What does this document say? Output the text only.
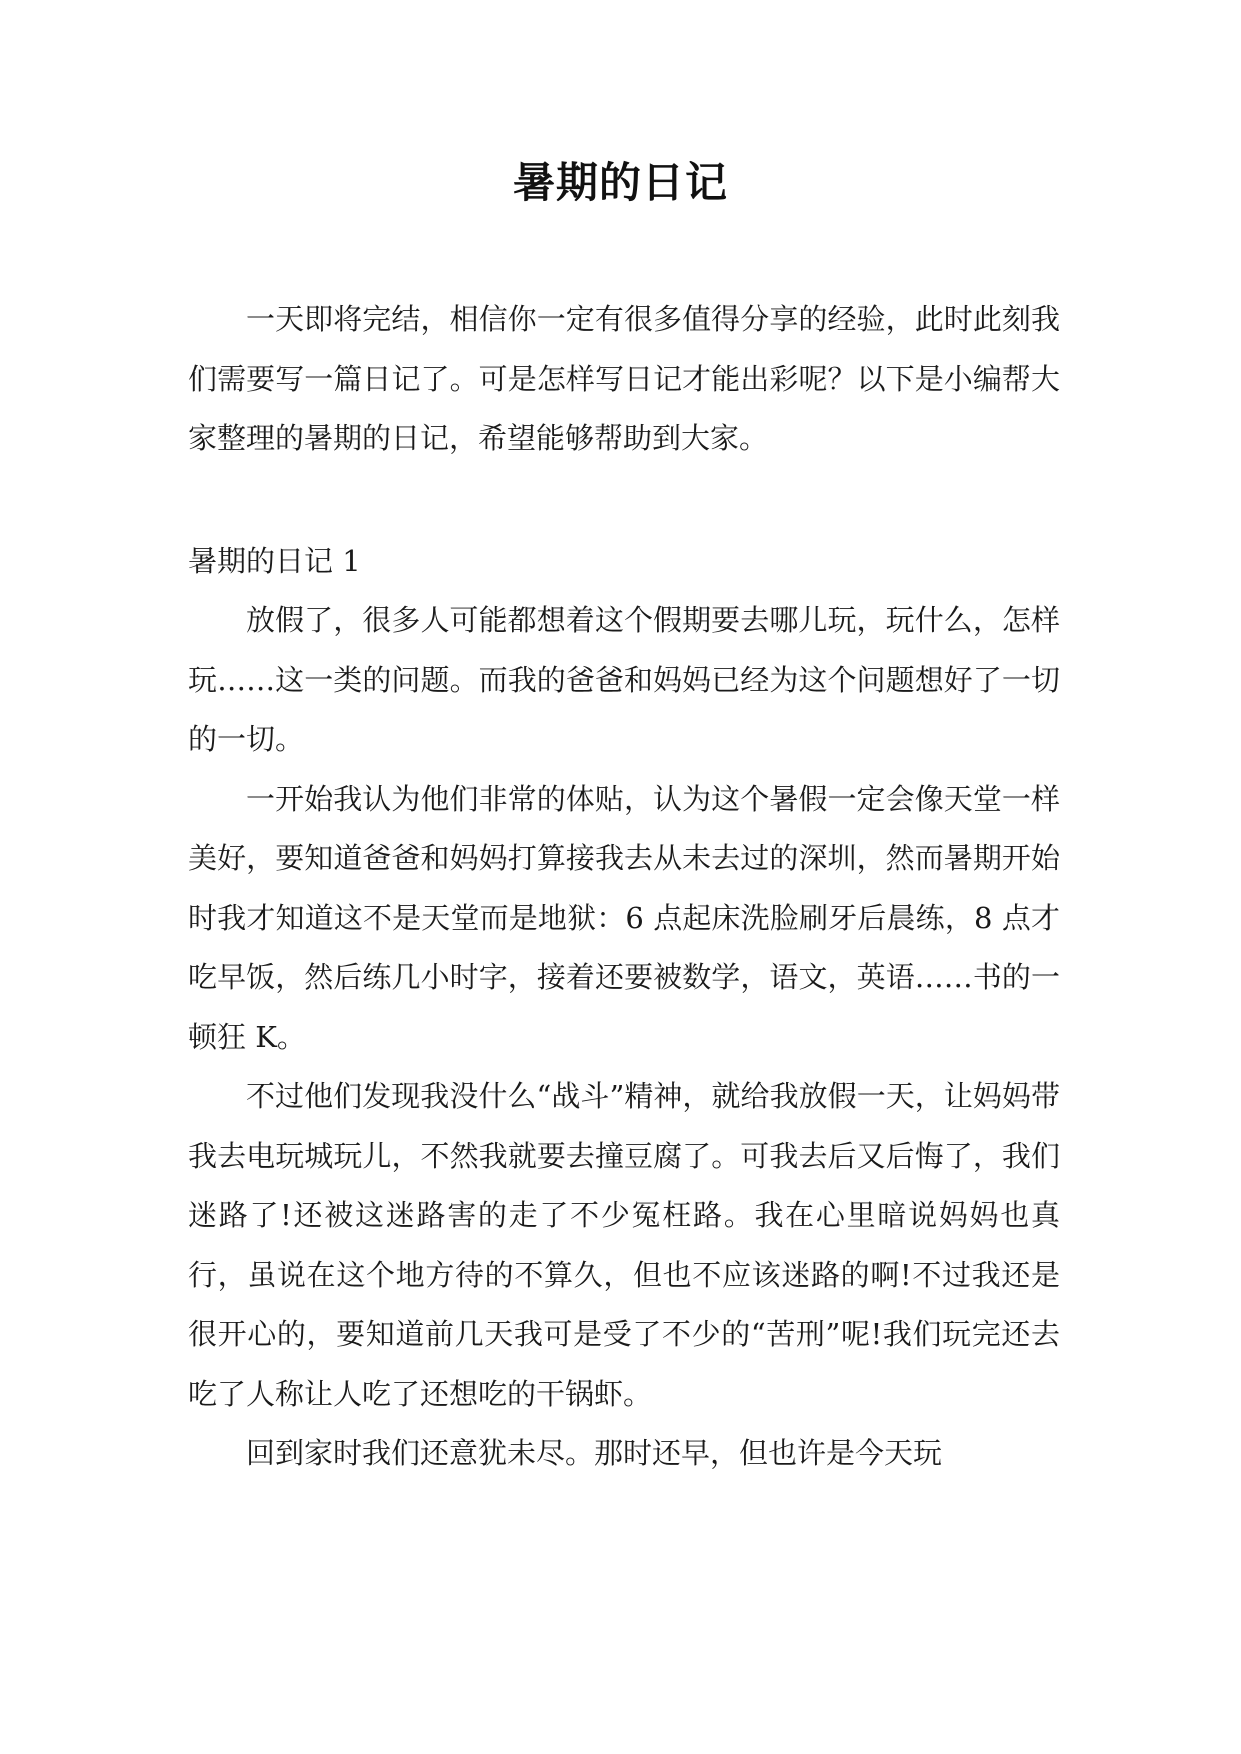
暑期的日记

一天即将完结，相信你一定有很多值得分享的经验，此时此刻我们需要写一篇日记了。可是怎样写日记才能出彩呢？以下是小编帮大家整理的暑期的日记，希望能够帮助到大家。

暑期的日记 1

放假了，很多人可能都想着这个假期要去哪儿玩，玩什么，怎样玩……这一类的问题。而我的爸爸和妈妈已经为这个问题想好了一切的一切。

一开始我认为他们非常的体贴，认为这个暑假一定会像天堂一样美好，要知道爸爸和妈妈打算接我去从未去过的深圳，然而暑期开始时我才知道这不是天堂而是地狱：6 点起床洗脸刷牙后晨练，8 点才吃早饭，然后练几小时字，接着还要被数学，语文，英语……书的一顿狂 K。

不过他们发现我没什么“战斗”精神，就给我放假一天，让妈妈带我去电玩城玩儿，不然我就要去撞豆腐了。可我去后又后悔了，我们迷路了!还被这迷路害的走了不少冤枉路。我在心里暗说妈妈也真行，虽说在这个地方待的不算久，但也不应该迷路的啊!不过我还是很开心的，要知道前几天我可是受了不少的“苦刑”呢!我们玩完还去吃了人称让人吃了还想吃的干锅虾。

回到家时我们还意犹未尽。那时还早，但也许是今天玩
